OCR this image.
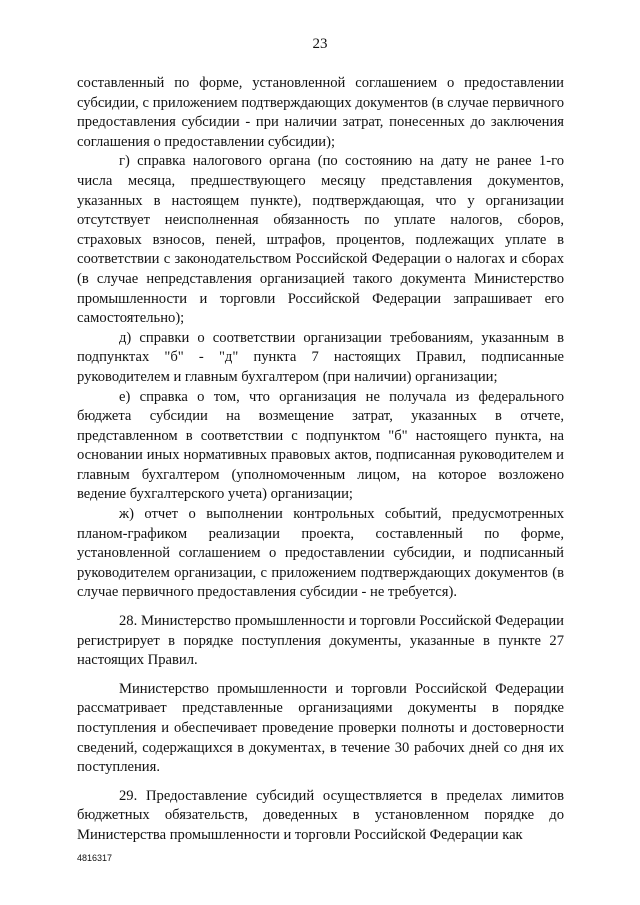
23

составленный по форме, установленной соглашением о предоставлении субсидии, с приложением подтверждающих документов (в случае первичного предоставления субсидии - при наличии затрат, понесенных до заключения соглашения о предоставлении субсидии);

г) справка налогового органа (по состоянию на дату не ранее 1-го числа месяца, предшествующего месяцу представления документов, указанных в настоящем пункте), подтверждающая, что у организации отсутствует неисполненная обязанность по уплате налогов, сборов, страховых взносов, пеней, штрафов, процентов, подлежащих уплате в соответствии с законодательством Российской Федерации о налогах и сборах (в случае непредставления организацией такого документа Министерство промышленности и торговли Российской Федерации запрашивает его самостоятельно);

д) справки о соответствии организации требованиям, указанным в подпунктах "б" - "д" пункта 7 настоящих Правил, подписанные руководителем и главным бухгалтером (при наличии) организации;

е) справка о том, что организация не получала из федерального бюджета субсидии на возмещение затрат, указанных в отчете, представленном в соответствии с подпунктом "б" настоящего пункта, на основании иных нормативных правовых актов, подписанная руководителем и главным бухгалтером (уполномоченным лицом, на которое возложено ведение бухгалтерского учета) организации;

ж) отчет о выполнении контрольных событий, предусмотренных планом-графиком реализации проекта, составленный по форме, установленной соглашением о предоставлении субсидии, и подписанный руководителем организации, с приложением подтверждающих документов (в случае первичного предоставления субсидии - не требуется).

28. Министерство промышленности и торговли Российской Федерации регистрирует в порядке поступления документы, указанные в пункте 27 настоящих Правил.

Министерство промышленности и торговли Российской Федерации рассматривает представленные организациями документы в порядке поступления и обеспечивает проведение проверки полноты и достоверности сведений, содержащихся в документах, в течение 30 рабочих дней со дня их поступления.

29. Предоставление субсидий осуществляется в пределах лимитов бюджетных обязательств, доведенных в установленном порядке до Министерства промышленности и торговли Российской Федерации как

4816317
